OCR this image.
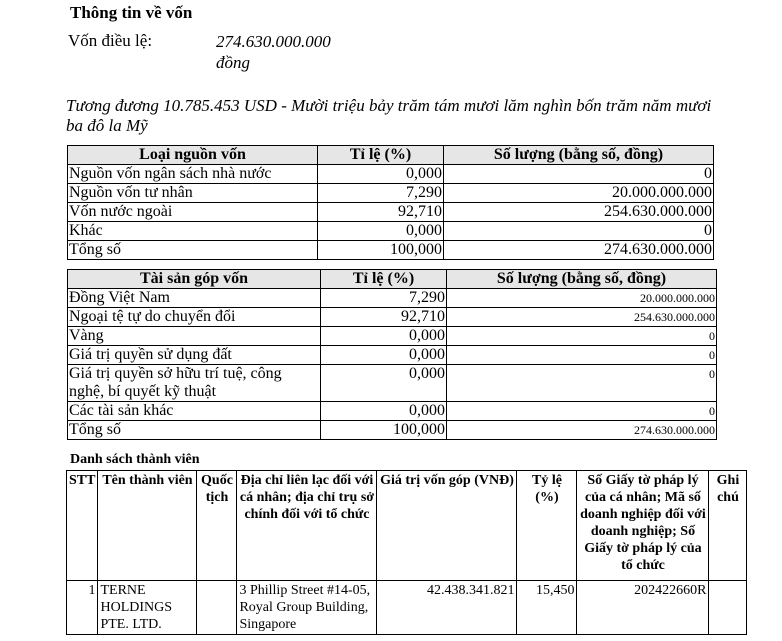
Thông tin về vốn
Vốn điều lệ:	274.630.000.000
đồng
Tương đương 10.785.453 USD - Mười triệu bảy trăm tám mươi lăm nghìn bốn trăm năm mươi ba đô la Mỹ
Loại nguồn vốn	Tỉ lệ (%)	Số lượng (bằng số, đồng)
Nguồn vốn ngân sách nhà nước	0,000	0
Nguồn vốn tư nhân	7,290	20.000.000.000
Vốn nước ngoài	92,710	254.630.000.000
Khác	0,000	0
Tổng số	100,000	274.630.000.000
Tài sản góp vốn	Tỉ lệ (%)	Số lượng (bằng số, đồng)
Đồng Việt Nam	7,290	20.000.000.000
Ngoại tệ tự do chuyển đổi	92,710	254.630.000.000
Vàng	0,000	0
Giá trị quyền sử dụng đất	0,000	0
Giá trị quyền sở hữu trí tuệ, công nghệ, bí quyết kỹ thuật	0,000	0
Các tài sản khác	0,000	0
Tổng số	100,000	274.630.000.000
Danh sách thành viên
STT	Tên thành viên	Quốc tịch	Địa chỉ liên lạc đối với cá nhân; địa chỉ trụ sở chính đối với tổ chức	Giá trị vốn góp (VNĐ)	Tỷ lệ (%)	Số Giấy tờ pháp lý của cá nhân; Mã số doanh nghiệp đối với doanh nghiệp; Số Giấy tờ pháp lý của tổ chức	Ghi chú
1	TERNE HOLDINGS PTE. LTD.		3 Phillip Street #14-05, Royal Group Building, Singapore	42.438.341.821	15,450	202422660R	
